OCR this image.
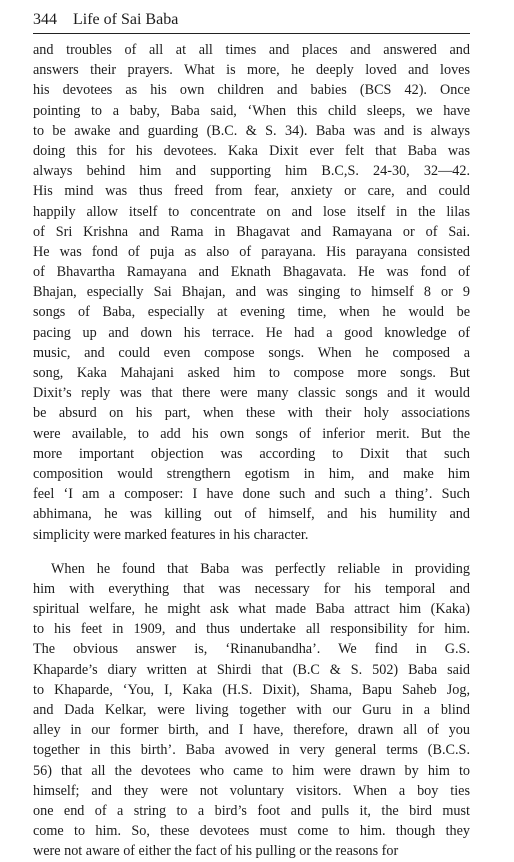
344 Life of Sai Baba
and troubles of all at all times and places and answered and
answers their prayers. What is more, he deeply loved and loves
his devotees as his own children and babies (BCS 42). Once
pointing to a baby, Baba said, ‘When this child sleeps, we have
to be awake and guarding (B.C. & S. 34). Baba was and is always
doing this for his devotees. Kaka Dixit ever felt that Baba was
always behind him and supporting him B.C,S. 24-30, 32—42.
His mind was thus freed from fear, anxiety or care, and could
happily allow itself to concentrate on and lose itself in the lilas
of Sri Krishna and Rama in Bhagavat and Ramayana or of Sai.
He was fond of puja as also of parayana. His parayana consisted
of Bhavartha Ramayana and Eknath Bhagavata. He was fond of
Bhajan, especially Sai Bhajan, and was singing to himself 8 or 9
songs of Baba, especially at evening time, when he would be
pacing up and down his terrace. He had a good knowledge of
music, and could even compose songs. When he composed a
song, Kaka Mahajani asked him to compose more songs. But
Dixit’s reply was that there were many classic songs and it would
be absurd on his part, when these with their holy associations
were available, to add his own songs of inferior merit. But the
more important objection was according to Dixit that such
composition would strengthern egotism in him, and make him
feel ‘I am a composer: I have done such and such a thing’. Such
abhimana, he was killing out of himself, and his humility and
simplicity were marked features in his character.
When he found that Baba was perfectly reliable in providing
him with everything that was necessary for his temporal and
spiritual welfare, he might ask what made Baba attract him (Kaka)
to his feet in 1909, and thus undertake all responsibility for him.
The obvious answer is, ‘Rinanubandha’. We find in G.S.
Khaparde’s diary written at Shirdi that (B.C & S. 502) Baba said
to Khaparde, ‘You, I, Kaka (H.S. Dixit), Shama, Bapu Saheb Jog,
and Dada Kelkar, were living together with our Guru in a blind
alley in our former birth, and I have, therefore, drawn all of you
together in this birth’. Baba avowed in very general terms (B.C.S.
56) that all the devotees who came to him were drawn by him to
himself; and they were not voluntary visitors. When a boy ties
one end of a string to a bird’s foot and pulls it, the bird must
come to him. So, these devotees must come to him. though they
were not aware of either the fact of his pulling or the reasons for
